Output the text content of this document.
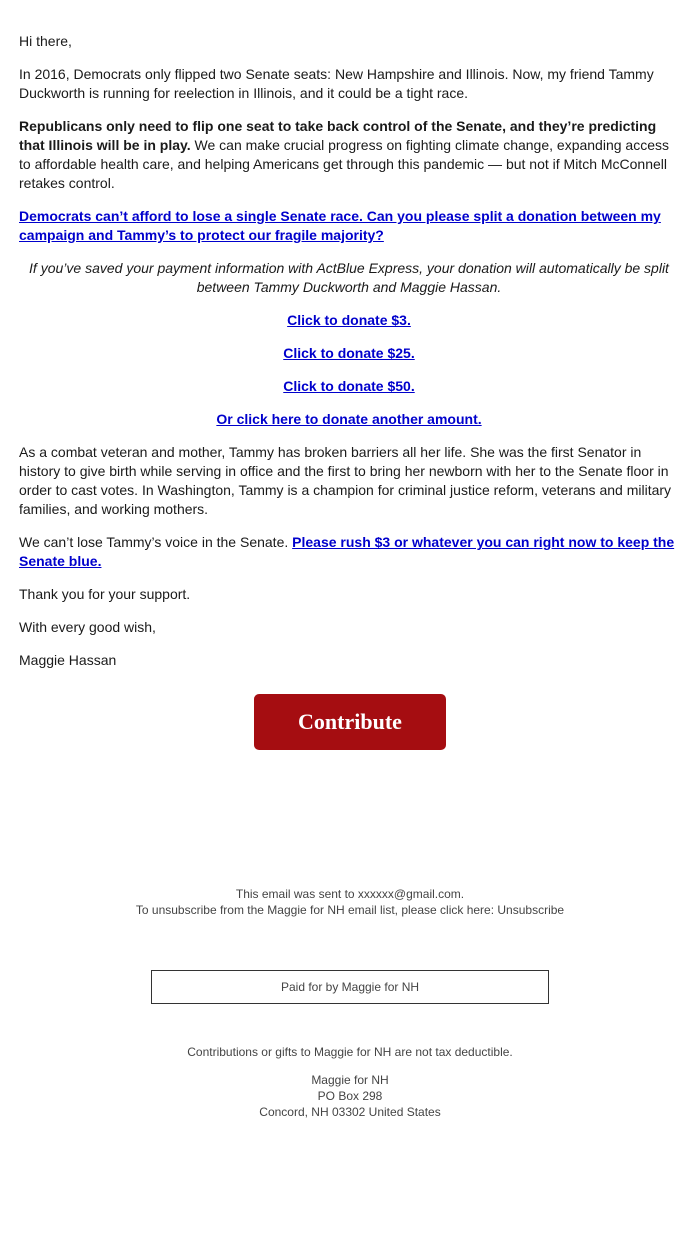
Hi there,

In 2016, Democrats only flipped two Senate seats: New Hampshire and Illinois. Now, my friend Tammy Duckworth is running for reelection in Illinois, and it could be a tight race.

Republicans only need to flip one seat to take back control of the Senate, and they’re predicting that Illinois will be in play. We can make crucial progress on fighting climate change, expanding access to affordable health care, and helping Americans get through this pandemic — but not if Mitch McConnell retakes control.

Democrats can’t afford to lose a single Senate race. Can you please split a donation between my campaign and Tammy’s to protect our fragile majority?

If you’ve saved your payment information with ActBlue Express, your donation will automatically be split between Tammy Duckworth and Maggie Hassan.

Click to donate $3.

Click to donate $25.

Click to donate $50.

Or click here to donate another amount.

As a combat veteran and mother, Tammy has broken barriers all her life. She was the first Senator in history to give birth while serving in office and the first to bring her newborn with her to the Senate floor in order to cast votes. In Washington, Tammy is a champion for criminal justice reform, veterans and military families, and working mothers.

We can’t lose Tammy’s voice in the Senate. Please rush $3 or whatever you can right now to keep the Senate blue.

Thank you for your support.

With every good wish,

Maggie Hassan

Contribute
This email was sent to xxxxxx@gmail.com.
To unsubscribe from the Maggie for NH email list, please click here: Unsubscribe
Paid for by Maggie for NH
Contributions or gifts to Maggie for NH are not tax deductible.
Maggie for NH
PO Box 298
Concord, NH 03302 United States
